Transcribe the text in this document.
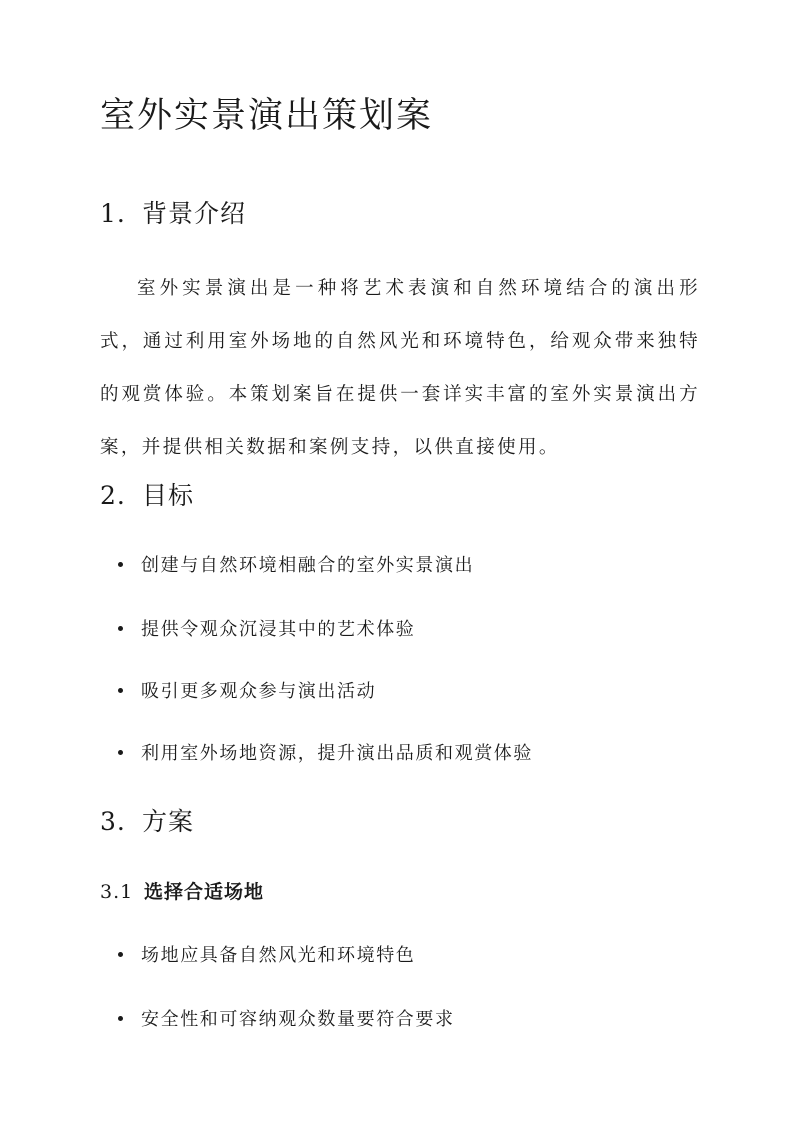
室外实景演出策划案
1. 背景介绍

室外实景演出是一种将艺术表演和自然环境结合的演出形式，通过利用室外场地的自然风光和环境特色，给观众带来独特的观赏体验。本策划案旨在提供一套详实丰富的室外实景演出方案，并提供相关数据和案例支持，以供直接使用。

2. 目标
创建与自然环境相融合的室外实景演出
提供令观众沉浸其中的艺术体验
吸引更多观众参与演出活动
利用室外场地资源，提升演出品质和观赏体验
3. 方案
3.1 选择合适场地
场地应具备自然风光和环境特色
安全性和可容纳观众数量要符合要求
